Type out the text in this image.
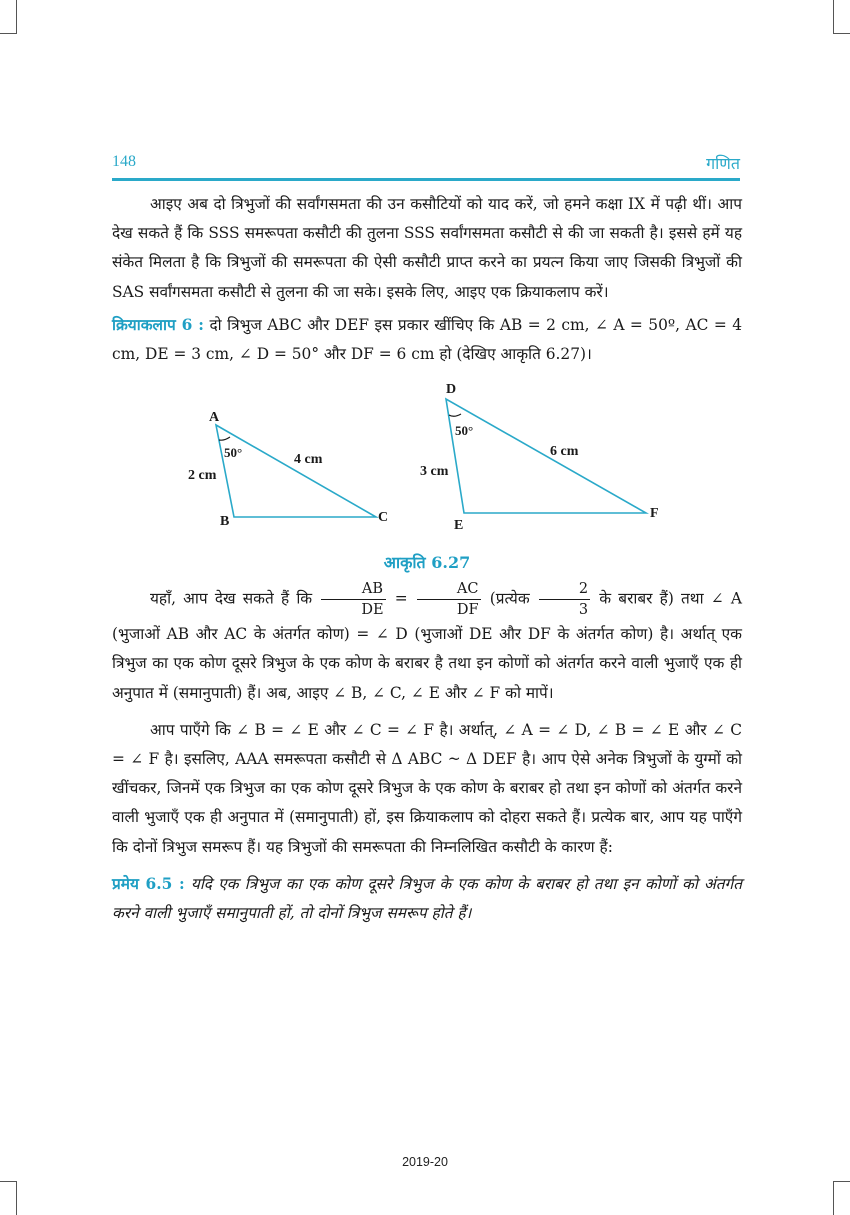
148	गणित

आइए अब दो त्रिभुजों की सर्वांगसमता की उन कसौटियों को याद करें, जो हमने कक्षा IX में पढ़ी थीं। आप देख सकते हैं कि SSS समरूपता कसौटी की तुलना SSS सर्वांगसमता कसौटी से की जा सकती है। इससे हमें यह संकेत मिलता है कि त्रिभुजों की समरूपता की ऐसी कसौटी प्राप्त करने का प्रयत्न किया जाए जिसकी त्रिभुजों की SAS सर्वांगसमता कसौटी से तुलना की जा सके। इसके लिए, आइए एक क्रियाकलाप करें।

क्रियाकलाप 6 : दो त्रिभुज ABC और DEF इस प्रकार खींचिए कि AB = 2 cm, ∠ A = 50º, AC = 4 cm, DE = 3 cm, ∠ D = 50° और DF = 6 cm हो (देखिए आकृति 6.27)।

A
B	C
50°
2 cm
4 cm
D
E
F
50°
3 cm
6 cm
आकृति 6.27

यहाँ, आप देख सकते हैं कि $\frac{AB}{DE} = \frac{AC}{DF}$ (प्रत्येक $\frac{2}{3}$ के बराबर हैं) तथा ∠ A (भुजाओं AB और AC के अंतर्गत कोण) = ∠ D (भुजाओं DE और DF के अंतर्गत कोण) है। अर्थात् एक त्रिभुज का एक कोण दूसरे त्रिभुज के एक कोण के बराबर है तथा इन कोणों को अंतर्गत करने वाली भुजाएँ एक ही अनुपात में (समानुपाती) हैं। अब, आइए ∠ B, ∠ C, ∠ E और ∠ F को मापें।

आप पाएँगे कि ∠ B = ∠ E और ∠ C = ∠ F है। अर्थात्, ∠ A = ∠ D, ∠ B = ∠ E और ∠ C = ∠ F है। इसलिए, AAA समरूपता कसौटी से Δ ABC ~ Δ DEF है। आप ऐसे अनेक त्रिभुजों के युग्मों को खींचकर, जिनमें एक त्रिभुज का एक कोण दूसरे त्रिभुज के एक कोण के बराबर हो तथा इन कोणों को अंतर्गत करने वाली भुजाएँ एक ही अनुपात में (समानुपाती) हों, इस क्रियाकलाप को दोहरा सकते हैं। प्रत्येक बार, आप यह पाएँगे कि दोनों त्रिभुज समरूप हैं। यह त्रिभुजों की समरूपता की निम्नलिखित कसौटी के कारण हैं:

प्रमेय 6.5 : यदि एक त्रिभुज का एक कोण दूसरे त्रिभुज के एक कोण के बराबर हो तथा इन कोणों को अंतर्गत करने वाली भुजाएँ समानुपाती हों, तो दोनों त्रिभुज समरूप होते हैं।

2019-20
